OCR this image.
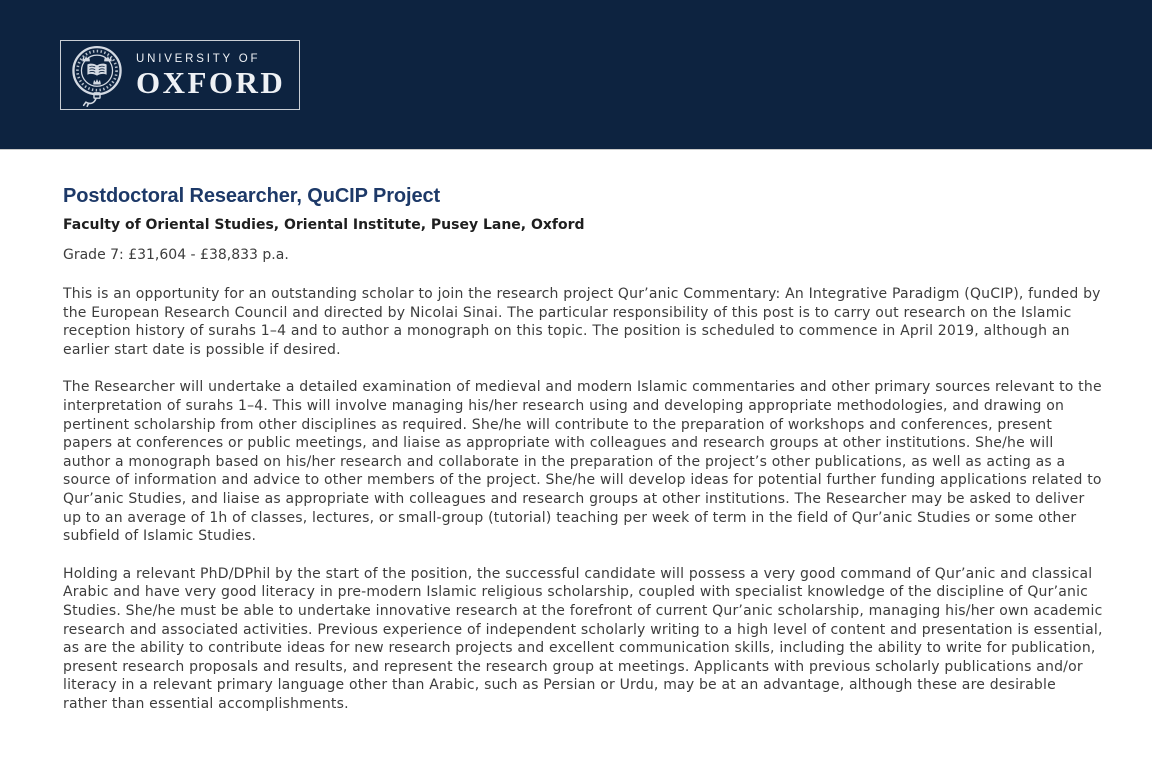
UNIVERSITY OF
OXFORD
Postdoctoral Researcher, QuCIP Project
Faculty of Oriental Studies, Oriental Institute, Pusey Lane, Oxford

Grade 7: £31,604 - £38,833 p.a.

This is an opportunity for an outstanding scholar to join the research project Qur’anic Commentary: An Integrative Paradigm (QuCIP), funded by the European Research Council and directed by Nicolai Sinai. The particular responsibility of this post is to carry out research on the Islamic reception history of surahs 1–4 and to author a monograph on this topic. The position is scheduled to commence in April 2019, although an earlier start date is possible if desired.

The Researcher will undertake a detailed examination of medieval and modern Islamic commentaries and other primary sources relevant to the interpretation of surahs 1–4. This will involve managing his/her research using and developing appropriate methodologies, and drawing on pertinent scholarship from other disciplines as required. She/he will contribute to the preparation of workshops and conferences, present papers at conferences or public meetings, and liaise as appropriate with colleagues and research groups at other institutions. She/he will author a monograph based on his/her research and collaborate in the preparation of the project’s other publications, as well as acting as a source of information and advice to other members of the project. She/he will develop ideas for potential further funding applications related to Qur’anic Studies, and liaise as appropriate with colleagues and research groups at other institutions. The Researcher may be asked to deliver up to an average of 1h of classes, lectures, or small-group (tutorial) teaching per week of term in the field of Qur’anic Studies or some other subfield of Islamic Studies.

Holding a relevant PhD/DPhil by the start of the position, the successful candidate will possess a very good command of Qur’anic and classical Arabic and have very good literacy in pre-modern Islamic religious scholarship, coupled with specialist knowledge of the discipline of Qur’anic Studies. She/he must be able to undertake innovative research at the forefront of current Qur’anic scholarship, managing his/her own academic research and associated activities. Previous experience of independent scholarly writing to a high level of content and presentation is essential, as are the ability to contribute ideas for new research projects and excellent communication skills, including the ability to write for publication, present research proposals and results, and represent the research group at meetings. Applicants with previous scholarly publications and/or literacy in a relevant primary language other than Arabic, such as Persian or Urdu, may be at an advantage, although these are desirable rather than essential accomplishments.
